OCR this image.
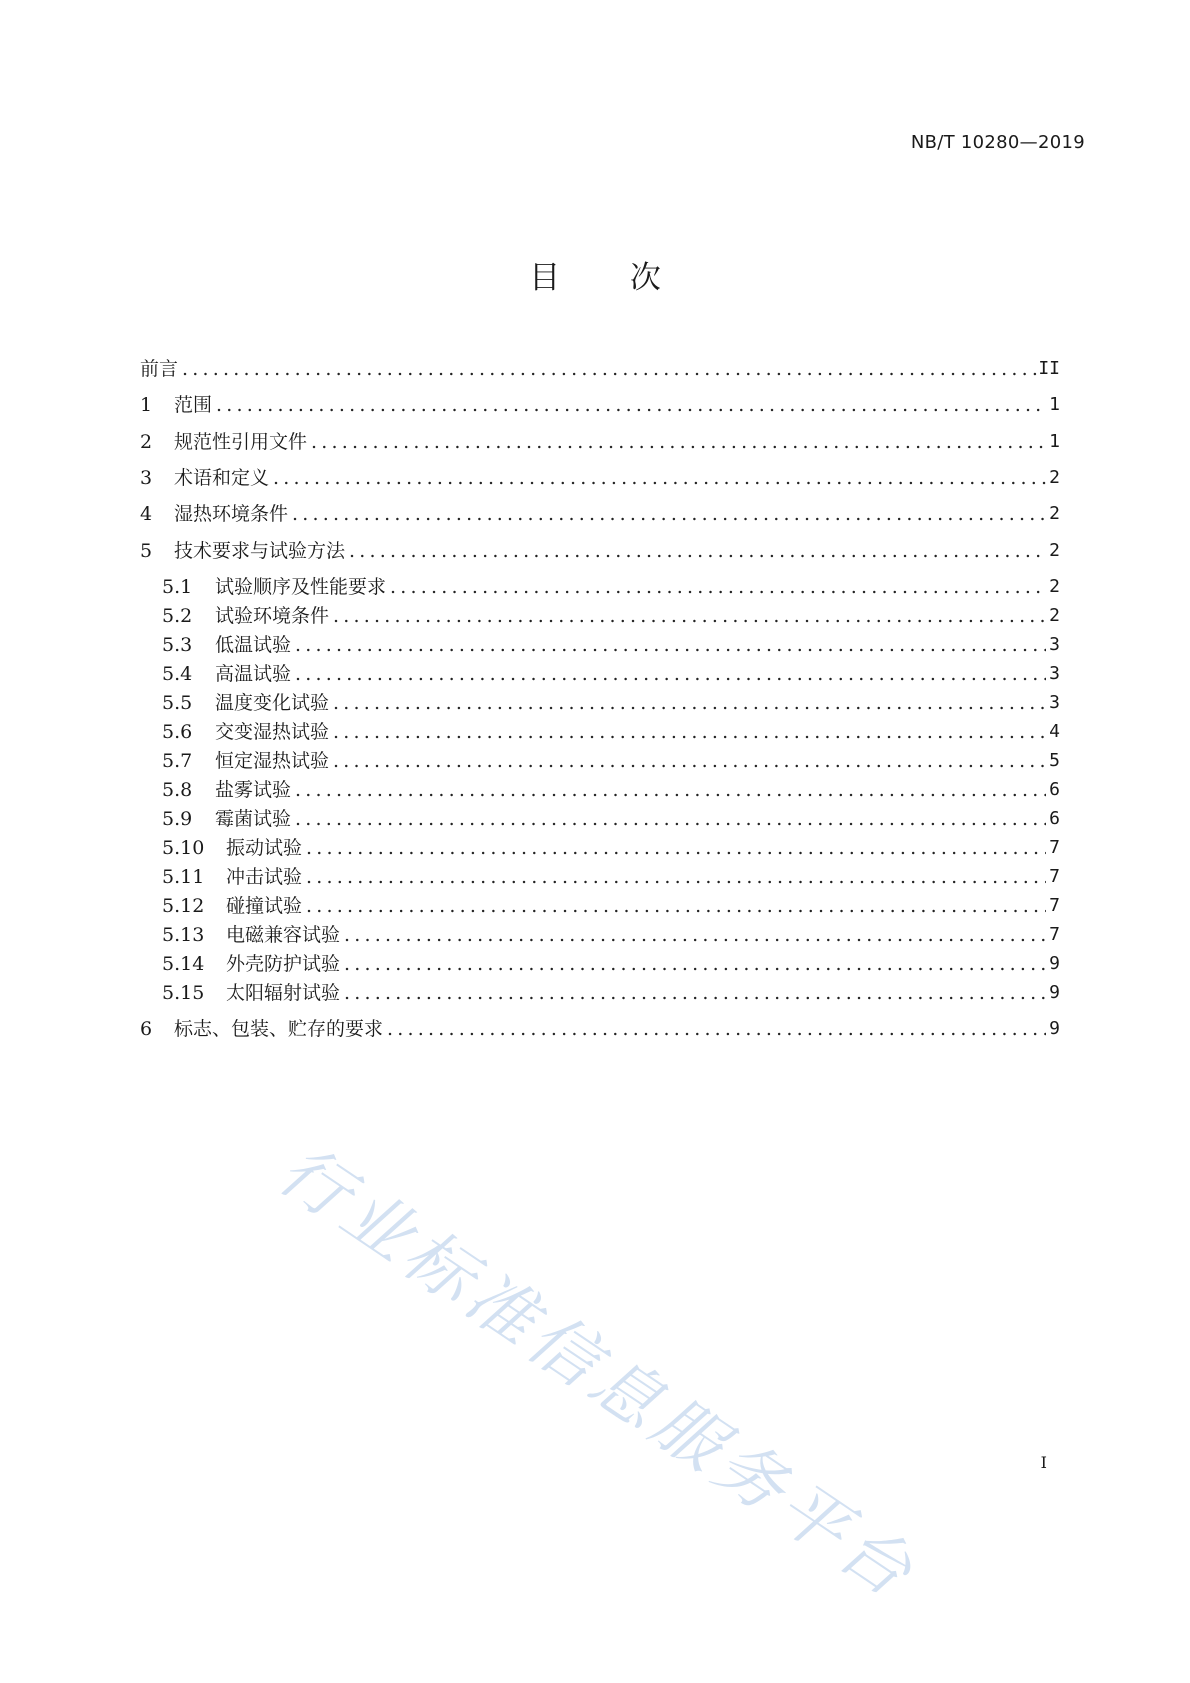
NB/T 10280—2019
目 次
前言 .....	II
1	范围 .....	1
2	规范性引用文件 .....	1
3	术语和定义 .....	2
4	湿热环境条件 .....	2
5	技术要求与试验方法 .....	2
5.1	试验顺序及性能要求 .....	2
5.2	试验环境条件 .....	2
5.3	低温试验 .....	3
5.4	高温试验 .....	3
5.5	温度变化试验 .....	3
5.6	交变湿热试验 .....	4
5.7	恒定湿热试验 .....	5
5.8	盐雾试验 .....	6
5.9	霉菌试验 .....	6
5.10	振动试验 .....	7
5.11	冲击试验 .....	7
5.12	碰撞试验 .....	7
5.13	电磁兼容试验 .....	7
5.14	外壳防护试验 .....	9
5.15	太阳辐射试验 .....	9
6	标志、包装、贮存的要求 .....	9
行业标准信息服务平台	I
